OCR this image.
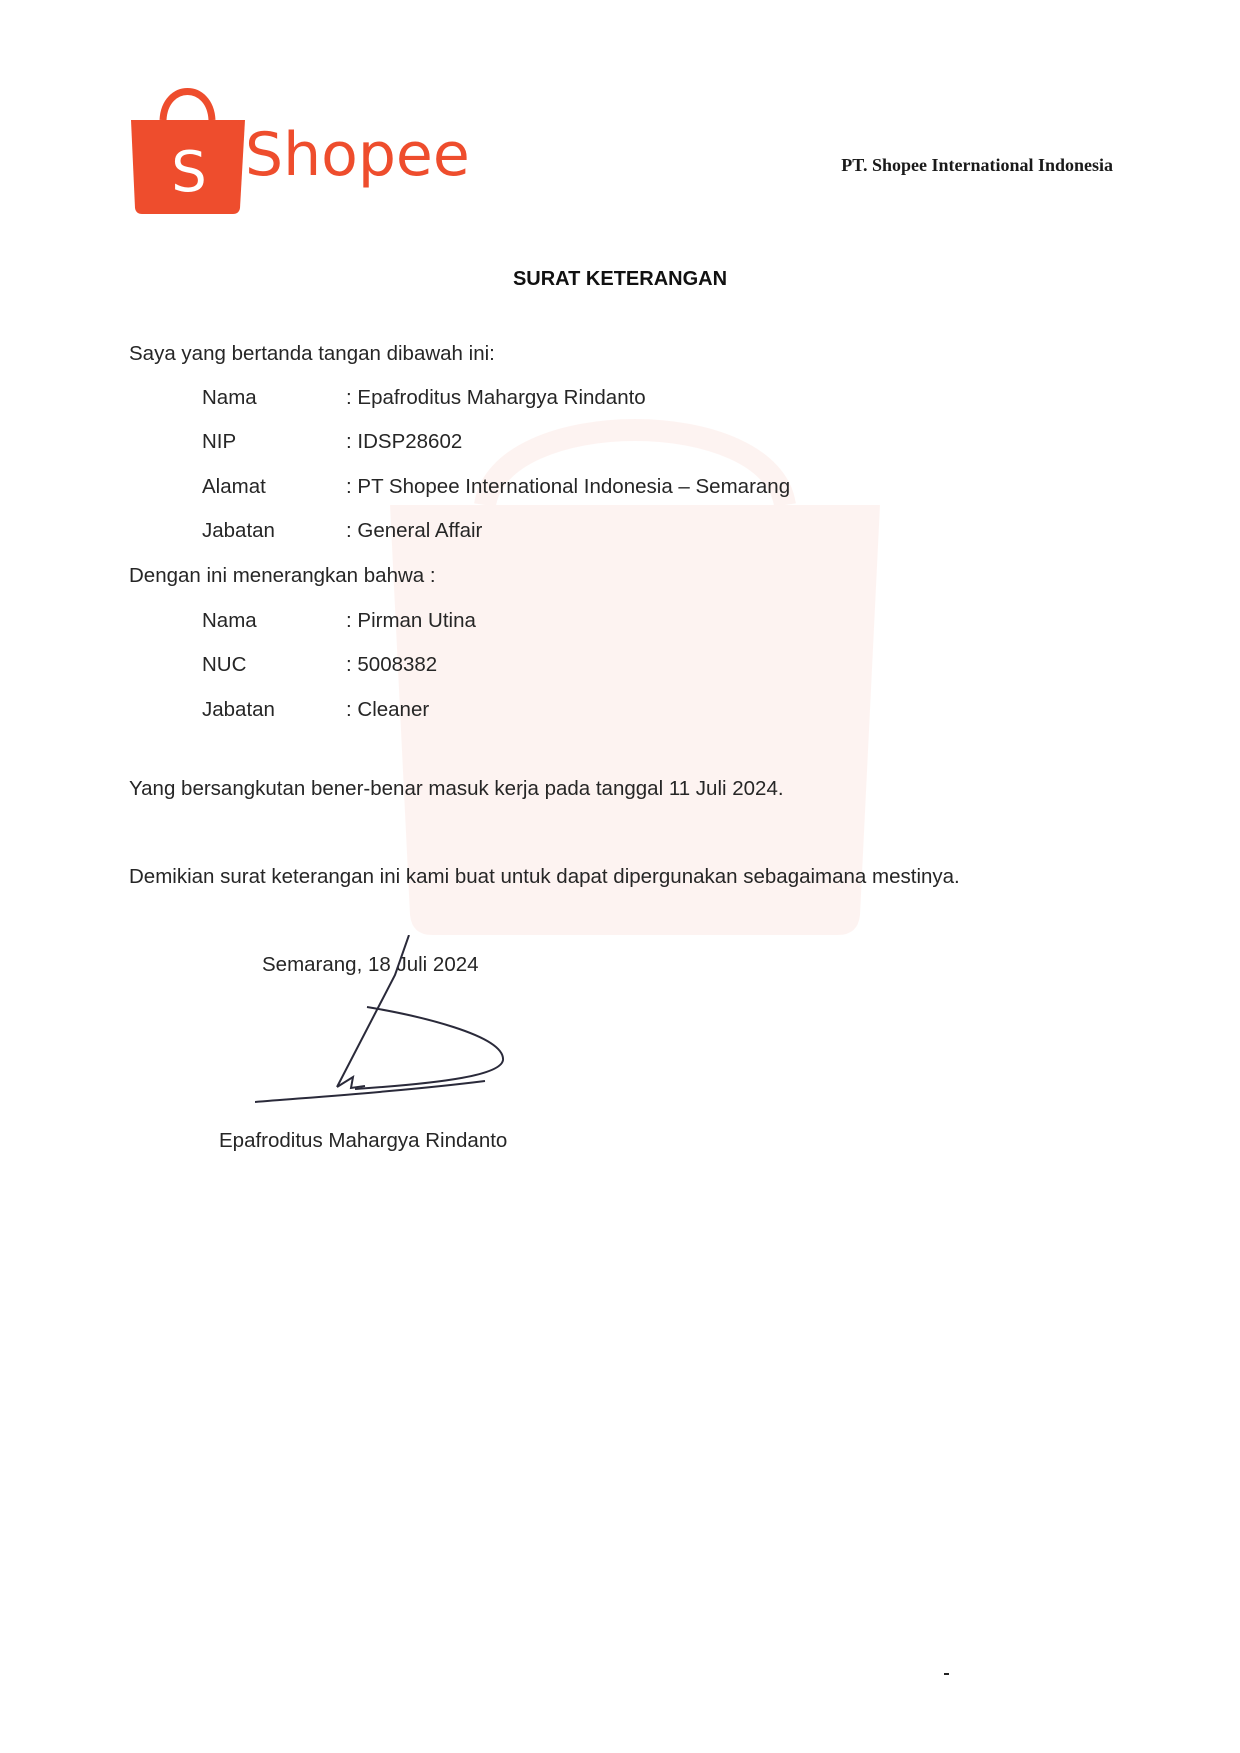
S Shopee	PT. Shopee International Indonesia
SURAT KETERANGAN
Saya yang bertanda tangan dibawah ini:
Nama	: Epafroditus Mahargya Rindanto
NIP	: IDSP28602
Alamat	: PT Shopee International Indonesia – Semarang
Jabatan	: General Affair
Dengan ini menerangkan bahwa :
Nama	: Pirman Utina
NUC	: 5008382
Jabatan	: Cleaner
Yang bersangkutan bener-benar masuk kerja pada tanggal 11 Juli 2024.
Demikian surat keterangan ini kami buat untuk dapat dipergunakan sebagaimana mestinya.
Semarang, 18 Juli 2024
Epafroditus Mahargya Rindanto
